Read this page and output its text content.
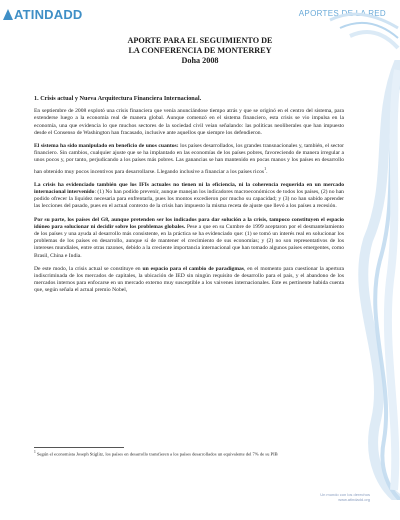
ATINDADD	APORTES DE LA RED
APORTE PARA EL SEGUIMIENTO DE
LA CONFERENCIA DE MONTERREY
Doha 2008

1. Crisis actual y Nueva Arquitectura Financiera Internacional.

En septiembre de 2008 explotó una crisis financiera que venía anunciándose tiempo atrás y que se originó en el centro del sistema, para extenderse luego a la economía real de manera global. Aunque comenzó en el sistema financiero, esta crisis se vio impulsa en la economía, una que evidencia lo que muchos sectores de la sociedad civil veían señalando: las políticas neoliberales que han impuesto desde el Consenso de Washington han fracasado, inclusive ante aquellos que siempre los defendieron.

El sistema ha sido manipulado en beneficio de unos cuantos: los países desarrollados, los grandes transnacionales y, también, el sector financiero. Sin cambios, cualquier ajuste que se ha implantado en las economías de los países pobres, favoreciendo de manera irregular a unos pocos y, por tanto, perjudicando a los países más pobres. Las ganancias se han mantenido en pocas manos y los países en desarrollo han obtenido muy pocos incentivos para desarrollarse. Llegando inclusive a financiar a los países ricos$^1$.

La crisis ha evidenciado también que los IFIs actuales no tienen ni la eficiencia, ni la coherencia requerida en un mercado internacional intervenido: (1) No han podido prevenir, aunque manejan los indicadores macroeconómicos de todos los países, (2) no han podido ofrecer la liquidez necesaria para enfrentarla, pues los montos excedieron por mucho su capacidad; y (3) no han sabido aprender las lecciones del pasado, pues en el actual contexto de la crisis han impuesto la misma receta de ajuste que llevó a los países a recesión.

Por su parte, los países del G8, aunque pretenden ser los indicados para dar solución a la crisis, tampoco constituyen el espacio idóneo para solucionar ni decidir sobre los problemas globales. Pese a que en su Cumbre de 1999 aceptaron por el desmantelamiento de los países y una ayuda al desarrollo más consistente, en la práctica se ha evidenciado que: (1) se tomó un interés real en solucionar los problemas de los países en desarrollo, aunque sí de mantener el crecimiento de sus economías; y (2) no son representativos de los intereses mundiales, entre otras razones, debido a la creciente importancia internacional que han tomado algunos países emergentes, como Brasil, China e India.

De este modo, la crisis actual se constituye en un espacio para el cambio de paradigmas, en el momento para cuestionar la apertura indiscriminada de los mercados de capitales, la ubicación de IED sin ningún requisito de desarrollo para el país, y el abandono de los mercados internos para enfocarse en un mercado externo muy susceptible a los vaivenes internacionales. Este es pertinente habida cuenta que, según señala el actual premio Nobel,

$^1$ Según el economista Joseph Stiglitz, los países en desarrollo transfieren a los países desarrollados un equivalente del 7% de su PIB
Un mundo con los derechos
www.atindadd.org
